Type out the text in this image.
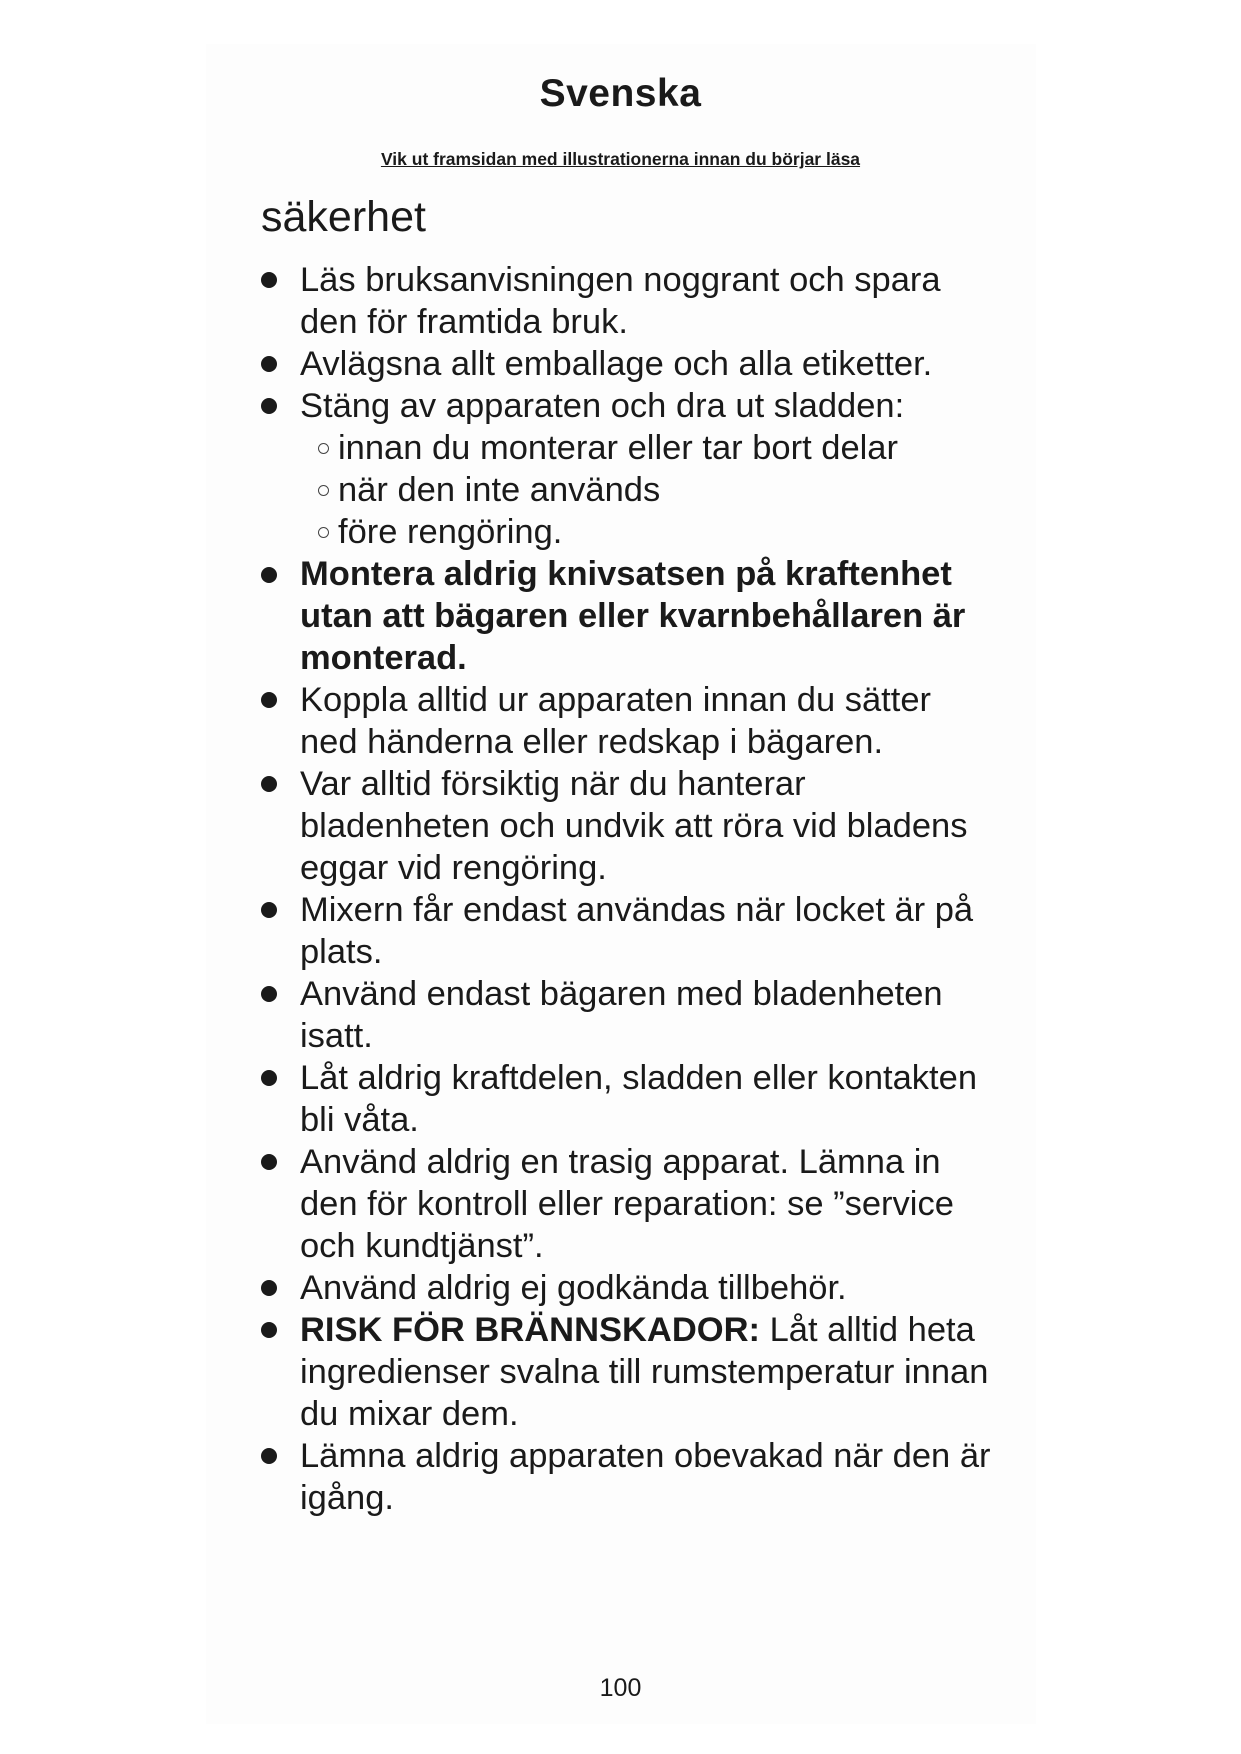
Svenska
Vik ut framsidan med illustrationerna innan du börjar läsa
säkerhet
Läs bruksanvisningen noggrant och spara den för framtida bruk.
Avlägsna allt emballage och alla etiketter.
Stäng av apparaten och dra ut sladden:
innan du monterar eller tar bort delar
när den inte används
före rengöring.
Montera aldrig knivsatsen på kraftenhet utan att bägaren eller kvarnbehållaren är monterad.
Koppla alltid ur apparaten innan du sätter ned händerna eller redskap i bägaren.
Var alltid försiktig när du hanterar bladenheten och undvik att röra vid bladens eggar vid rengöring.
Mixern får endast användas när locket är på plats.
Använd endast bägaren med bladenheten isatt.
Låt aldrig kraftdelen, sladden eller kontakten bli våta.
Använd aldrig en trasig apparat. Lämna in den för kontroll eller reparation: se ”service och kundtjänst”.
Använd aldrig ej godkända tillbehör.
RISK FÖR BRÄNNSKADOR: Låt alltid heta ingredienser svalna till rumstemperatur innan du mixar dem.
Lämna aldrig apparaten obevakad när den är igång.
100
